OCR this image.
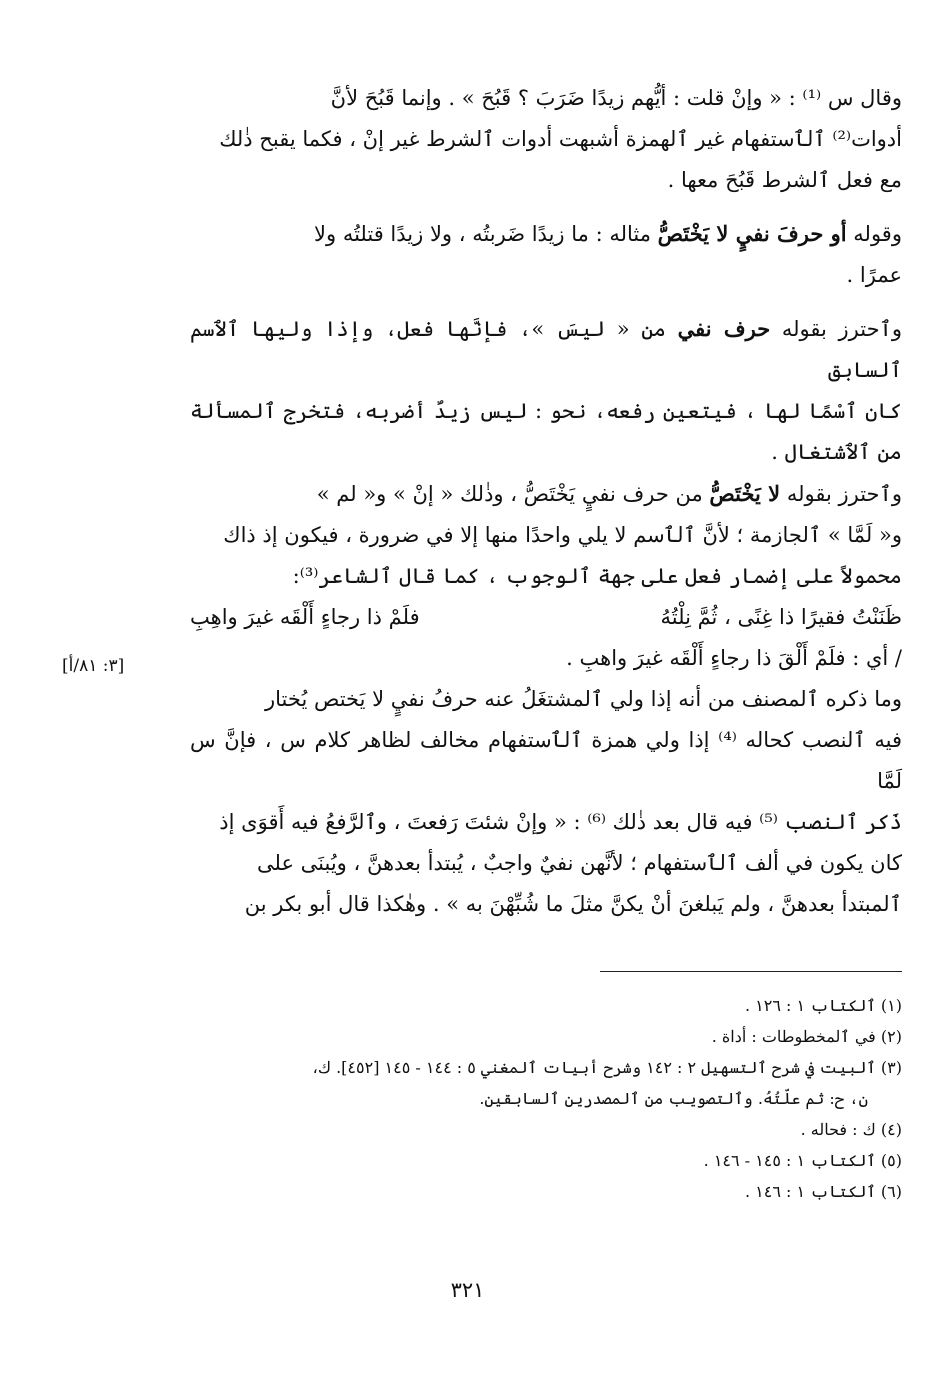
وقال س ⁽¹⁾ : « وإنْ قلت : أيُّهم زيدًا ضَرَبَ ؟ قَبُحَ » . وإنما قَبُحَ لأنَّ

أدوات⁽²⁾ ٱلٱستفهام غير ٱلهمزة أشبهت أدوات ٱلشرط غير إنْ ، فكما يقبح ذٰلك

مع فعل ٱلشرط قَبُحَ معها .

وقوله أو حرفَ نفيٍ لا يَخْتَصُّ مثاله : ما زيدًا ضَربتُه ، ولا زيدًا قتلتُه ولا

عمرًا .

وٱحترز بقوله حرف نفي من « ليسَ »، فإنَّها فعل، وإذا وليها ٱلٱسم ٱلسابق

كان ٱسْمًا لها ، فيتعين رفعه، نحو : ليس زيدٌ أضربه، فتخرج ٱلمسألة من ٱلٱشتغال .

وٱحترز بقوله لا يَخْتَصُّ من حرف نفيٍ يَخْتَصُّ ، وذٰلك « إنْ » و« لم »

و« لَمَّا » ٱلجازمة ؛ لأنَّ ٱلٱسم لا يلي واحدًا منها إلا في ضرورة ، فيكون إذ ذاك

محمولاً على إضمار فعل على جهة ٱلوجوب ، كما قال ٱلشاعر⁽³⁾:

ظَنَنْتُ فقيرًا ذا غِنًى ، ثُمَّ نِلْتُهُ
فلَمْ ذا رجاءٍ أَلْقَه غيرَ واهِبِ

/ أي : فلَمْ أَلْقَ ذا رجاءٍ أَلْقَه غيرَ واهبِ .

وما ذكره ٱلمصنف من أنه إذا ولي ٱلمشتغَلُ عنه حرفُ نفيٍ لا يَختص يُختار

فيه ٱلنصب كحاله ⁽⁴⁾ إذا ولي همزة ٱلٱستفهام مخالف لظاهر كلام س ، فإنَّ س لَمَّا

ذَكر ٱلنصب ⁽⁵⁾ فيه قال بعد ذٰلك ⁽⁶⁾ : « وإنْ شئتَ رَفعتَ ، وٱلرَّفعُ فيه أَقوَى إذ

كان يكون في ألف ٱلٱستفهام ؛ لأنَّهن نفيٌ واجبٌ ، يُبتدأ بعدهنَّ ، ويُبنَى على

ٱلمبتدأ بعدهنَّ ، ولم يَبلغنَ أنْ يكنَّ مثلَ ما شُبِّهْنَ به » . وهٰكذا قال أبو بكر بن

[٣: ٨١/أ]

(١) ٱلكتاب ١ : ١٢٦ .

(٢) في ٱلمخطوطات : أداة .

(٣) ٱلبيت في شرح ٱلتسهيل ٢ : ١٤٢ وشرح أبيات ٱلمغني ٥ : ١٤٤ - ١٤٥ [٤٥٢]. ك،

ن، ح: ثم علّتُهُ. وٱلتصويب من ٱلمصدرين ٱلسابقين.

(٤) ك : فحاله .

(٥) ٱلكتاب ١ : ١٤٥ - ١٤٦ .

(٦) ٱلكتاب ١ : ١٤٦ .

٣٢١
